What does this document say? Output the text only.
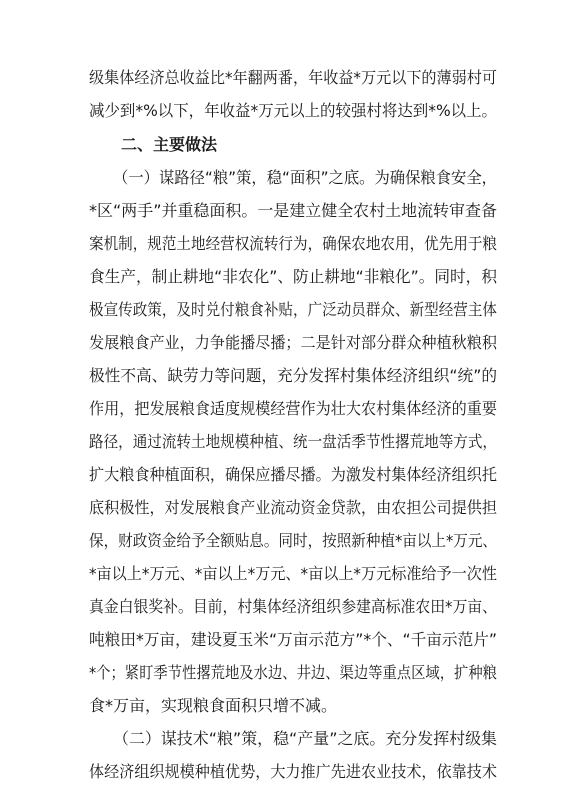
级集体经济总收益比*年翻两番，年收益*万元以下的薄弱村可
减少到*%以下，年收益*万元以上的较强村将达到*%以上。
二、主要做法
（一）谋路径“粮”策，稳“面积”之底。为确保粮食安全，
*区“两手”并重稳面积。一是建立健全农村土地流转审查备
案机制，规范土地经营权流转行为，确保农地农用，优先用于粮
食生产，制止耕地“非农化”、防止耕地“非粮化”。同时，积
极宣传政策，及时兑付粮食补贴，广泛动员群众、新型经营主体
发展粮食产业，力争能播尽播；二是针对部分群众种植秋粮积
极性不高、缺劳力等问题，充分发挥村集体经济组织“统”的
作用，把发展粮食适度规模经营作为壮大农村集体经济的重要
路径，通过流转土地规模种植、统一盘活季节性撂荒地等方式，
扩大粮食种植面积，确保应播尽播。为激发村集体经济组织托
底积极性，对发展粮食产业流动资金贷款，由农担公司提供担
保，财政资金给予全额贴息。同时，按照新种植*亩以上*万元、
*亩以上*万元、*亩以上*万元、*亩以上*万元标准给予一次性
真金白银奖补。目前，村集体经济组织参建高标准农田*万亩、
吨粮田*万亩，建设夏玉米“万亩示范方”*个、“千亩示范片”
*个；紧盯季节性撂荒地及水边、井边、渠边等重点区域，扩种粮
食*万亩，实现粮食面积只增不减。
（二）谋技术“粮”策，稳“产量”之底。充分发挥村级集
体经济组织规模种植优势，大力推广先进农业技术，依靠技术
